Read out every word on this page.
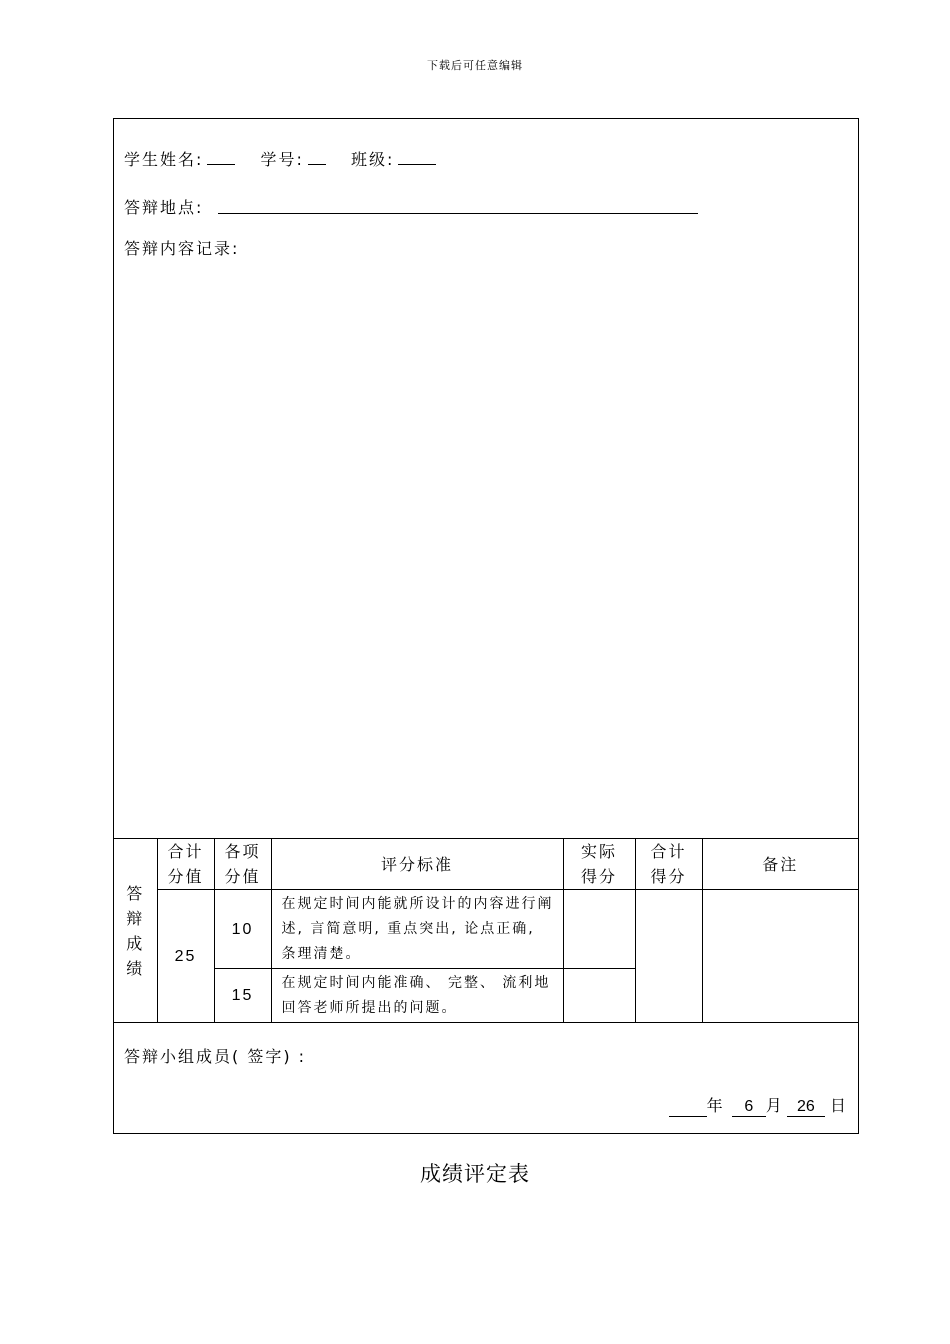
下载后可任意编辑
学生姓名:	学号:	班级:
答辩地点:
答辩内容记录:
答辩成绩	合计分值	各项分值	评分标准	实际得分	合计得分	备注
	25	10	在规定时间内能就所设计的内容进行阐述, 言简意明, 重点突出, 论点正确, 条理清楚。			
		15	在规定时间内能准确、 完整、 流利地回答老师所提出的问题。			
答辩小组成员( 签字) :
年 6 月 26 日
成绩评定表
